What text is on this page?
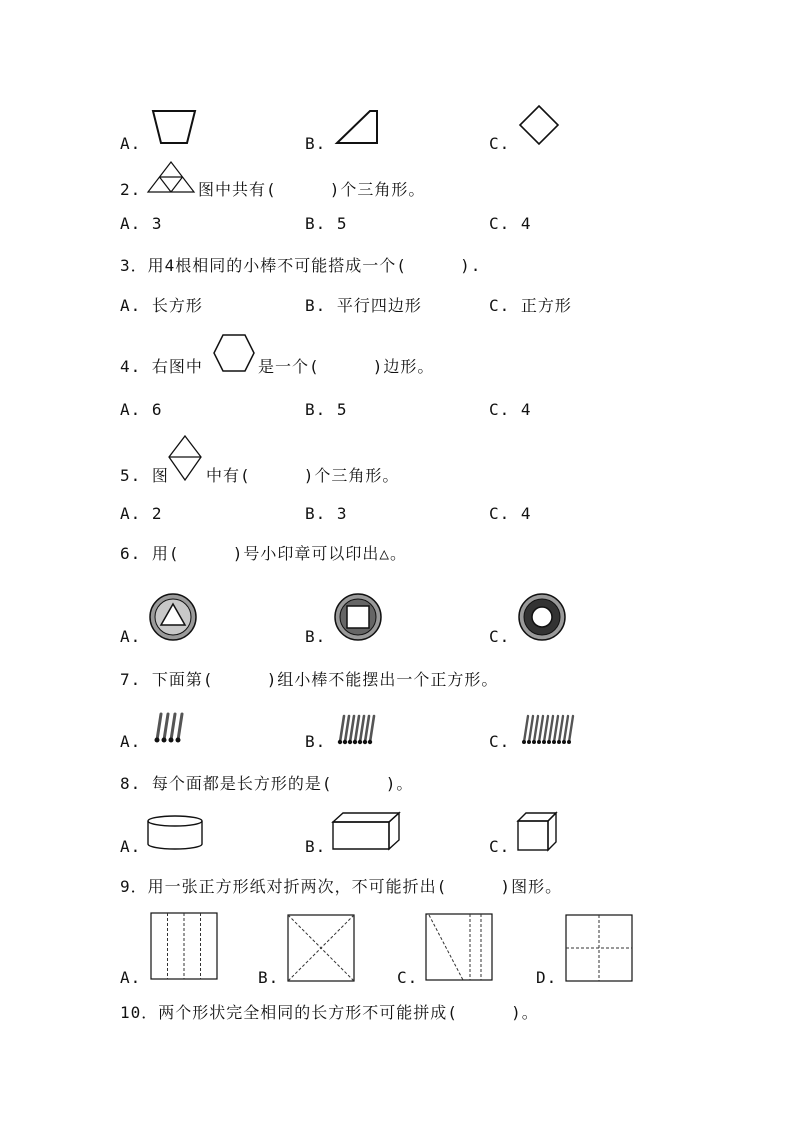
A.	B.	C.
2.	图中共有(     )个三角形。
A. 3	B. 5	C. 4
3．用4根相同的小棒不可能搭成一个(     ).
A. 长方形	B. 平行四边形	C. 正方形
4. 右图中	是一个(     )边形。
A. 6	B. 5	C. 4
5. 图 中有(     )个三角形。
A. 2	B. 3	C. 4
6. 用(     )号小印章可以印出△。
A.	B.	C.
7. 下面第(     )组小棒不能摆出一个正方形。
A.	B.	C.
8. 每个面都是长方形的是(     )。
A.	B.	C.
9．用一张正方形纸对折两次，不可能折出(     )图形。
A.	B.	C.	D.
10．两个形状完全相同的长方形不可能拼成(     )。
